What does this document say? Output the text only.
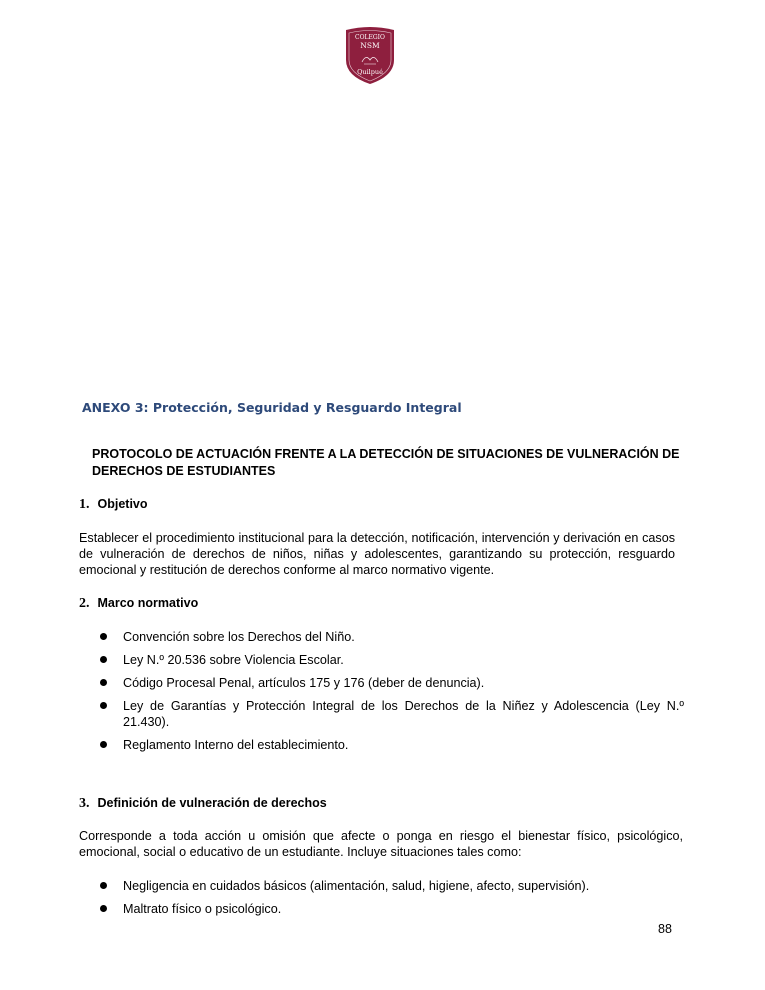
COLEGIO
NSM
Quilpué
ANEXO 3: Protección, Seguridad y Resguardo Integral
PROTOCOLO DE ACTUACIÓN FRENTE A LA DETECCIÓN DE SITUACIONES DE VULNERACIÓN DE DERECHOS DE ESTUDIANTES
1. Objetivo
Establecer el procedimiento institucional para la detección, notificación, intervención y derivación en casos de vulneración de derechos de niños, niñas y adolescentes, garantizando su protección, resguardo emocional y restitución de derechos conforme al marco normativo vigente.
2. Marco normativo
Convención sobre los Derechos del Niño.
Ley N.º 20.536 sobre Violencia Escolar.
Código Procesal Penal, artículos 175 y 176 (deber de denuncia).
Ley de Garantías y Protección Integral de los Derechos de la Niñez y Adolescencia (Ley N.º 21.430).
Reglamento Interno del establecimiento.
3. Definición de vulneración de derechos
Corresponde a toda acción u omisión que afecte o ponga en riesgo el bienestar físico, psicológico, emocional, social o educativo de un estudiante. Incluye situaciones tales como:
Negligencia en cuidados básicos (alimentación, salud, higiene, afecto, supervisión).
Maltrato físico o psicológico.
88
